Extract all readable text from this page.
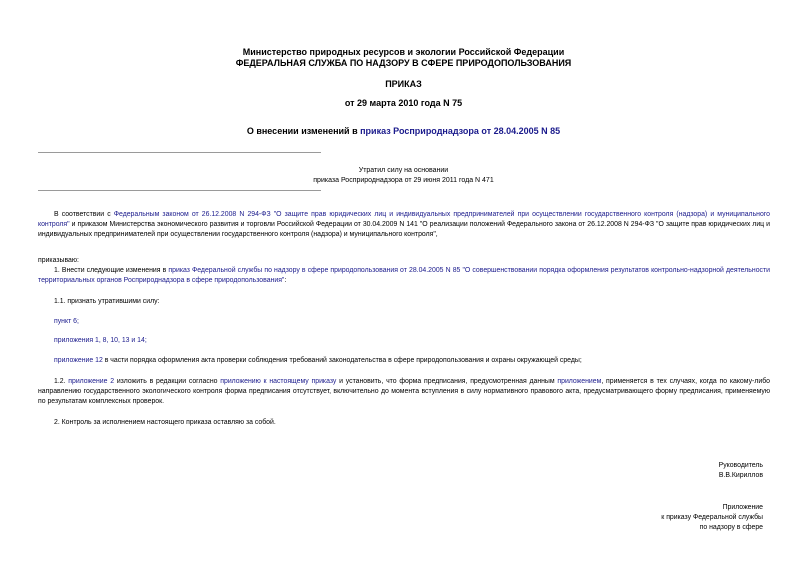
Министерство природных ресурсов и экологии Российской Федерации
ФЕДЕРАЛЬНАЯ СЛУЖБА ПО НАДЗОРУ В СФЕРЕ ПРИРОДОПОЛЬЗОВАНИЯ
ПРИКАЗ
от 29 марта 2010 года N 75
О внесении изменений в приказ Росприроднадзора от 28.04.2005 N 85
Утратил силу на основании
приказа Росприроднадзора от 29 июня 2011 года N 471
В соответствии с Федеральным законом от 26.12.2008 N 294-ФЗ "О защите прав юридических лиц и индивидуальных предпринимателей при осуществлении государственного контроля (надзора) и муниципального контроля" и приказом Министерства экономического развития и торговли Российской Федерации от 30.04.2009 N 141 "О реализации положений Федерального закона от 26.12.2008 N 294-ФЗ "О защите прав юридических лиц и индивидуальных предпринимателей при осуществлении государственного контроля (надзора) и муниципального контроля",
приказываю:
1. Внести следующие изменения в приказ Федеральной службы по надзору в сфере природопользования от 28.04.2005 N 85 "О совершенствовании порядка оформления результатов контрольно-надзорной деятельности территориальных органов Росприроднадзора в сфере природопользования":
1.1. признать утратившими силу:
пункт 6;
приложения 1, 8, 10, 13 и 14;
приложение 12 в части порядка оформления акта проверки соблюдения требований законодательства в сфере природопользования и охраны окружающей среды;
1.2. приложение 2 изложить в редакции согласно приложению к настоящему приказу и установить, что форма предписания, предусмотренная данным приложением, применяется в тех случаях, когда по какому-либо направлению государственного экологического контроля форма предписания отсутствует, включительно до момента вступления в силу нормативного правового акта, предусматривающего форму предписания, применяемую по результатам комплексных проверок.
2. Контроль за исполнением настоящего приказа оставляю за собой.
Руководитель
В.В.Кириллов
Приложение
к приказу Федеральной службы
по надзору в сфере
